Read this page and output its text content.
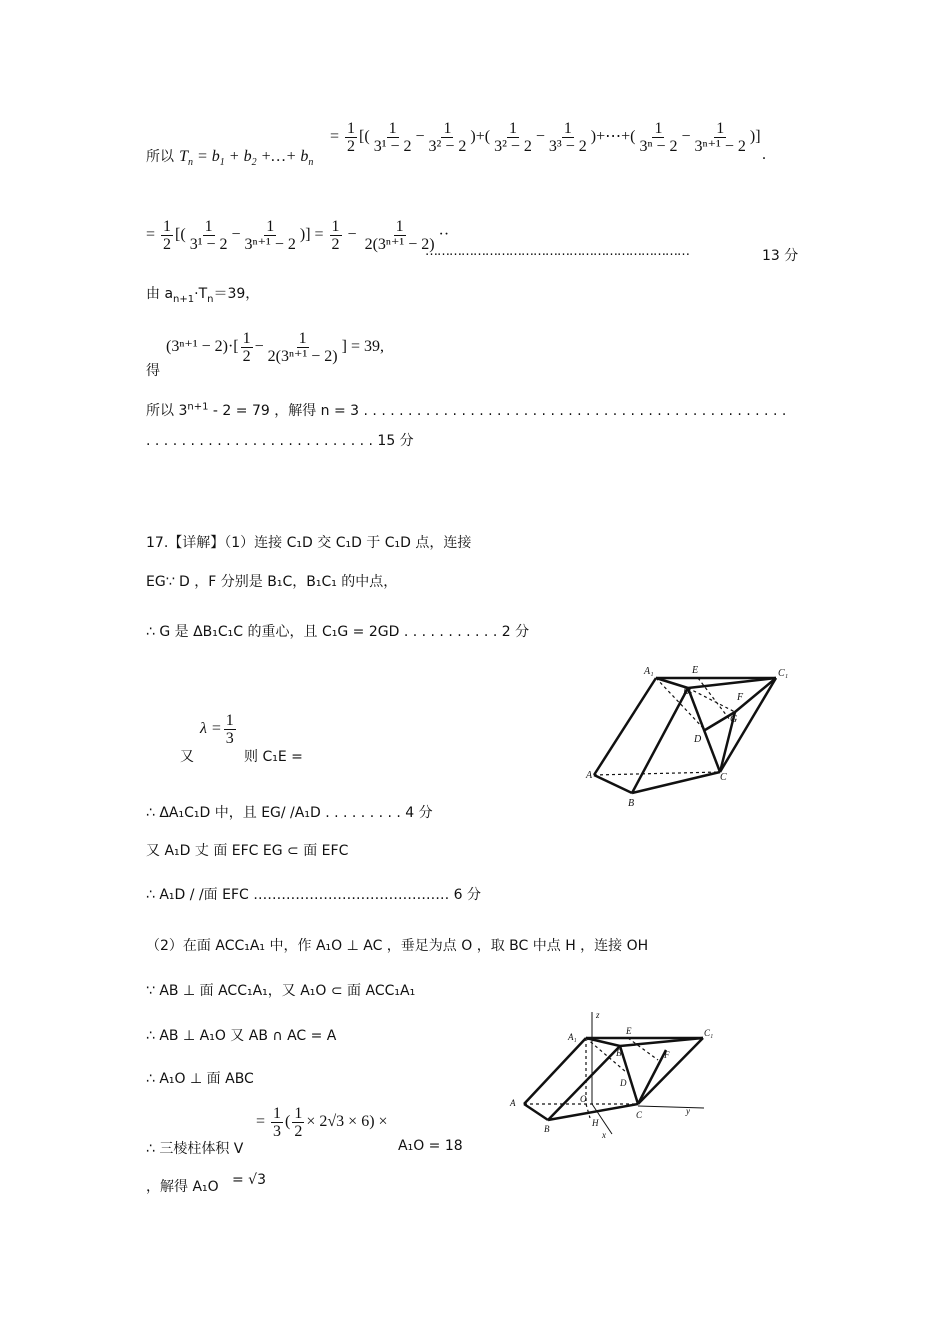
所以 $T_n = b_1 + b_2$ +…+ $b_n$
= $\frac{1}{2}$ [( $\frac{1}{\text{3¹ − 2}} - \frac{1}{\text{3² − 2}}$ )+( $\frac{1}{\text{3² − 2}} - \frac{1}{\text{3³ − 2}}$ )+⋯+( $\frac{1}{\text{3ⁿ − 2}} - \frac{1}{\text{3ⁿ⁺¹ − 2}}$ )]
.
= $\frac{1}{2}$ [( $\frac{1}{\text{3¹ − 2}} - \frac{1}{\text{3ⁿ⁺¹ − 2}}$ )] = $\frac{1}{2} - \frac{1}{\text{2(3ⁿ⁺¹ − 2)}}$ ··
…………………………………………………………	13 分
由 $a_{n+1}\cdot T_n=39$，
得
$(3^{n+1} - 2)\cdot[ \frac{1}{2} - \frac{1}{\text{2(3ⁿ⁺¹ − 2)}}$ ] = 39,
所以 $3^{n+1} - 2 = 79$ ，解得 n = 3 . . . . . . . . . . . . . . . . . . . . . . . . . . . . . . . . . . . . . . . . . . . . . . . .
. . . . . . . . . . . . . . . . . . . . . . . . . . 15 分
17.【详解】（1）连接 C₁D 交 C₁D 于 C₁D 点，连接
EG∵ D ，F 分别是 B₁C，B₁C₁ 的中点，
∴ G 是 ΔB₁C₁C 的重心，且 C₁G = 2GD . . . . . . . . . . . 2 分
$\lambda = \frac{1}{3}$
又	则 C₁E =
∴ ΔA₁C₁D 中，且 EG/ /A₁D . . . . . . . . . 4 分
又 A₁D 丈 面 EFC EG ⊂ 面 EFC
∴ A₁D / /面 EFC …………………………………… 6 分
（2）在面 ACC₁A₁ 中，作 A₁O ⊥ AC ，垂足为点 O ，取 BC 中点 H ，连接 OH
∵ AB ⊥ 面 ACC₁A₁，又 A₁O ⊂ 面 ACC₁A₁
∴ AB ⊥ A₁O 又 AB ∩ AC = A
∴ A₁O ⊥ 面 ABC
= $\frac{1}{3}$ ( $\frac{1}{2} \times 2√3 \times 6$) ×
∴ 三棱柱体积 V	A₁O = 18
，解得 A₁O = √3
A₁	E	C₁
B₁
F
G
D
A	C
B
z
A₁
E	C₁
B₁	F
D
A	O
C	y
B
H
x
